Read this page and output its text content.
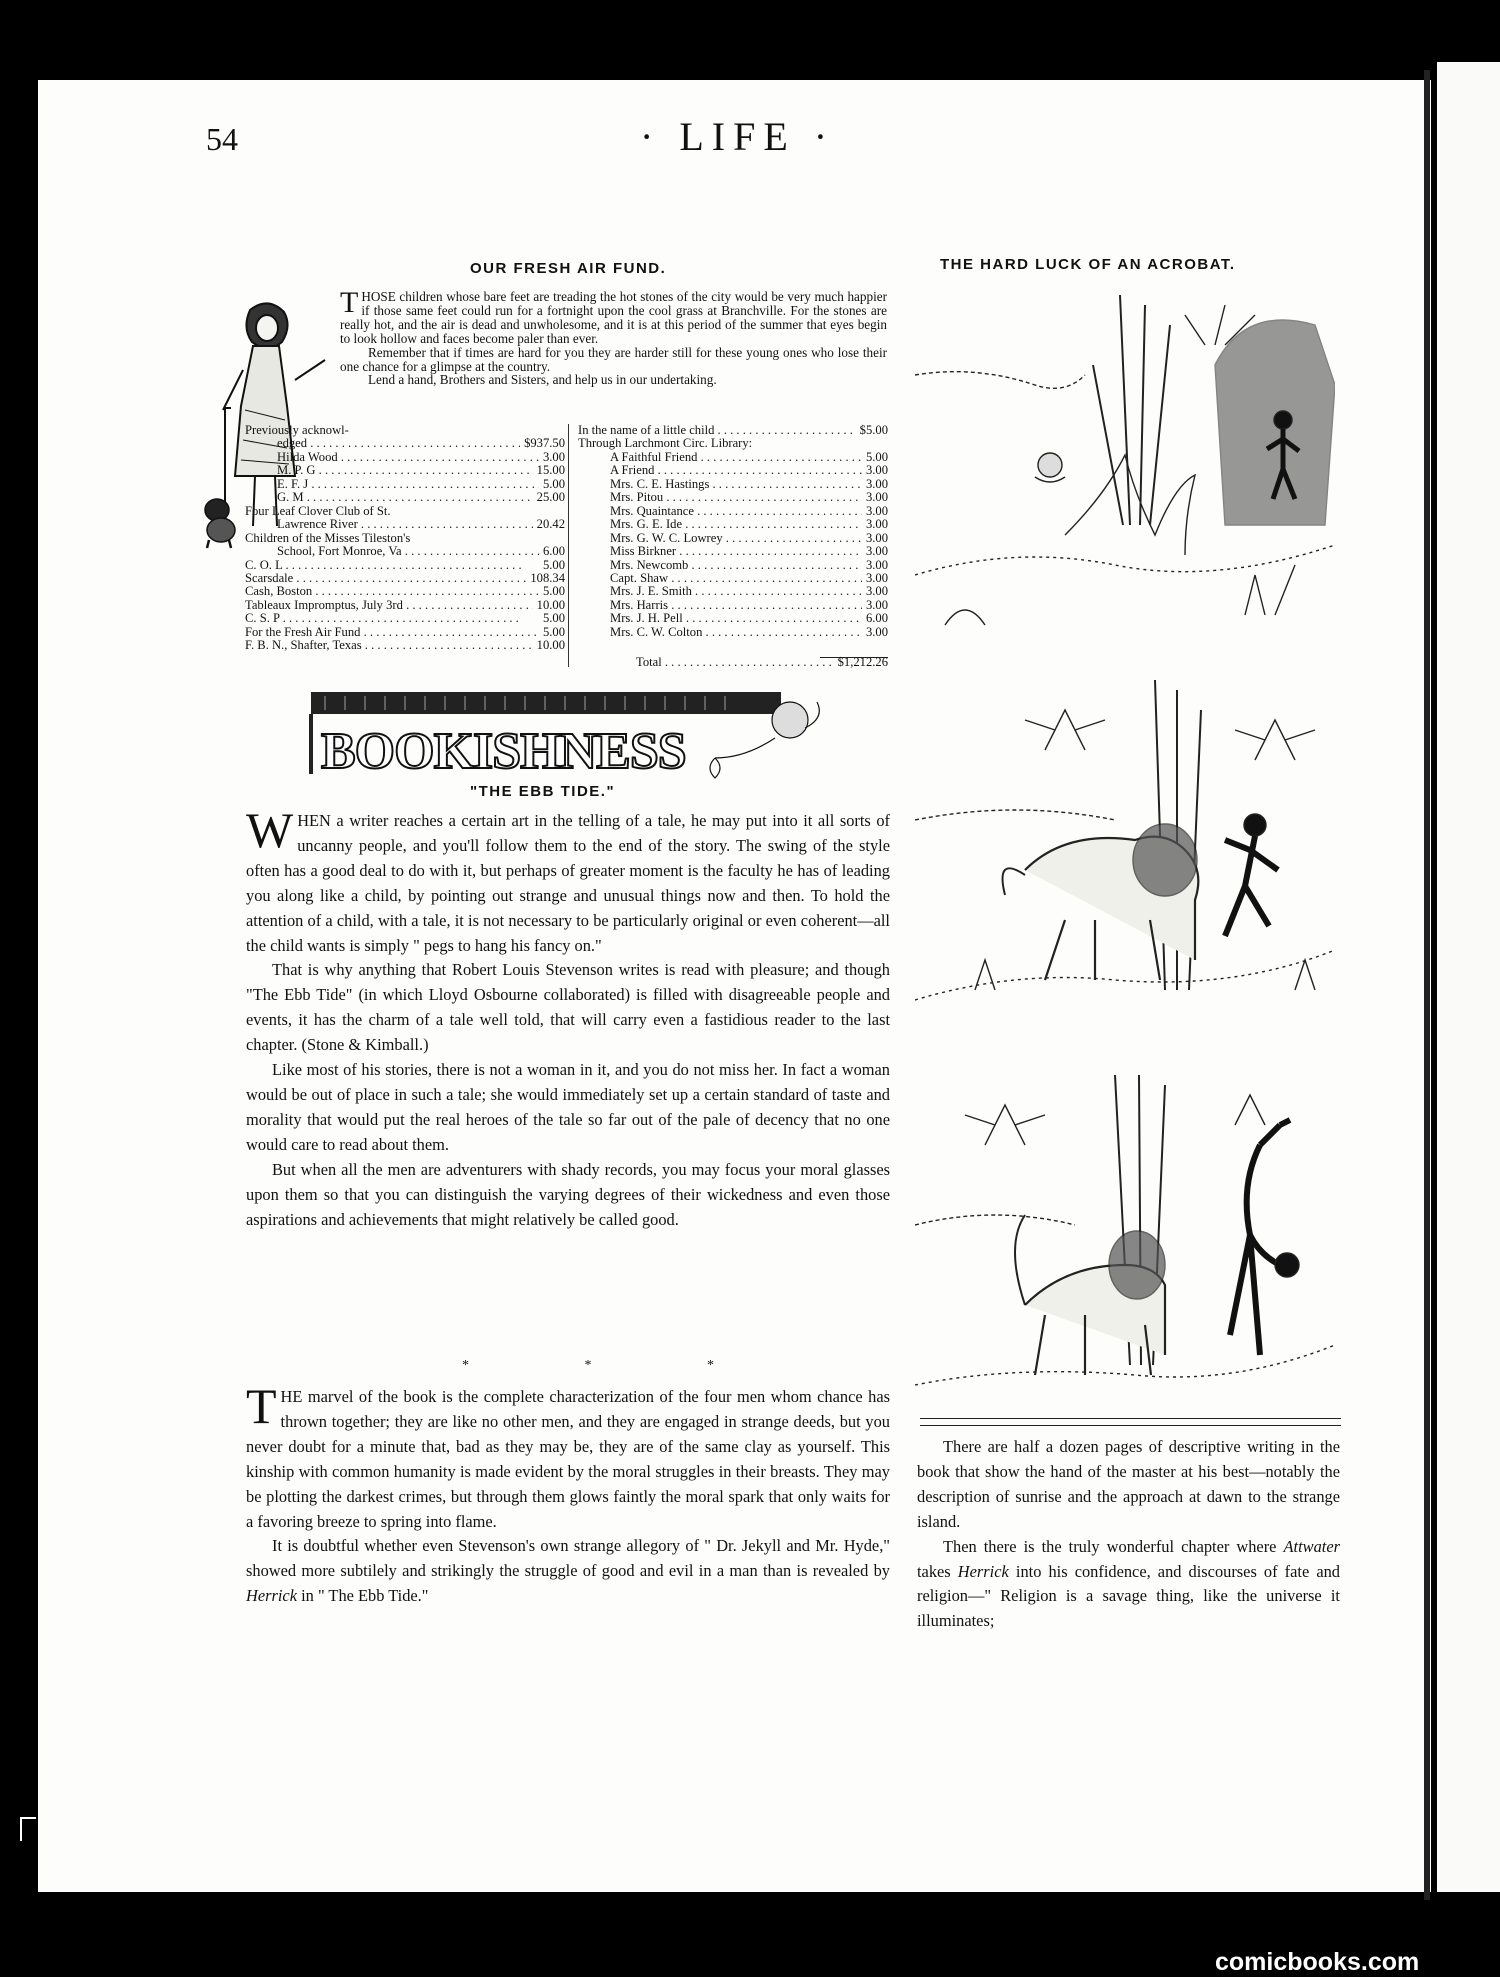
54	· LIFE ·
OUR FRESH AIR FUND.

THOSE children whose bare feet are treading the hot stones of the city would be very much happier if those same feet could run for a fortnight upon the cool grass at Branchville. For the stones are really hot, and the air is dead and unwholesome, and it is at this period of the summer that eyes begin to look hollow and faces become paler than ever.

Remember that if times are hard for you they are harder still for these young ones who lose their one chance for a glimpse at the country.

Lend a hand, Brothers and Sisters, and help us in our undertaking.

Previously acknowl-
edged . . .	$937.50
Hilda Wood . . .	3.00
M. P. G . . .	15.00
E. F. J . . .	5.00
G. M . . .	25.00
Four Leaf Clover Club of St.
Lawrence River . . .	20.42
Children of the Misses Tileston's
School, Fort Monroe, Va . . .	6.00
C. O. L . . .	5.00
Scarsdale . . .	108.34
Cash, Boston . . .	5.00
Tableaux Impromptus, July 3rd . . .	10.00
C. S. P . . .	5.00
For the Fresh Air Fund . . .	5.00
F. B. N., Shafter, Texas . . .	10.00
In the name of a little child . . .	$5.00
Through Larchmont Circ. Library:
A Faithful Friend . . .	5.00
A Friend . . .	3.00
Mrs. C. E. Hastings . . .	3.00
Mrs. Pitou . . .	3.00
Mrs. Quaintance . . .	3.00
Mrs. G. E. Ide . . .	3.00
Mrs. G. W. C. Lowrey . . .	3.00
Miss Birkner . . .	3.00
Mrs. Newcomb . . .	3.00
Capt. Shaw . . .	3.00
Mrs. J. E. Smith . . .	3.00
Mrs. Harris . . .	3.00
Mrs. J. H. Pell . . .	6.00
Mrs. C. W. Colton . . .	3.00
Total . . .	$1,212.26
THE HARD LUCK OF AN ACROBAT.
BOOKISHNESS
"THE EBB TIDE."

WHEN a writer reaches a certain art in the telling of a tale, he may put into it all sorts of uncanny people, and you'll follow them to the end of the story. The swing of the style often has a good deal to do with it, but perhaps of greater moment is the faculty he has of leading you along like a child, by pointing out strange and unusual things now and then. To hold the attention of a child, with a tale, it is not necessary to be particularly original or even coherent—all the child wants is simply " pegs to hang his fancy on."

That is why anything that Robert Louis Stevenson writes is read with pleasure; and though "The Ebb Tide" (in which Lloyd Osbourne collaborated) is filled with disagreeable people and events, it has the charm of a tale well told, that will carry even a fastidious reader to the last chapter. (Stone & Kimball.)

Like most of his stories, there is not a woman in it, and you do not miss her. In fact a woman would be out of place in such a tale; she would immediately set up a certain standard of taste and morality that would put the real heroes of the tale so far out of the pale of decency that no one would care to read about them.

But when all the men are adventurers with shady records, you may focus your moral glasses upon them so that you can distinguish the varying degrees of their wickedness and even those aspirations and achievements that might relatively be called good.

* * *

THE marvel of the book is the complete characterization of the four men whom chance has thrown together; they are like no other men, and they are engaged in strange deeds, but you never doubt for a minute that, bad as they may be, they are of the same clay as yourself. This kinship with common humanity is made evident by the moral struggles in their breasts. They may be plotting the darkest crimes, but through them glows faintly the moral spark that only waits for a favoring breeze to spring into flame.

It is doubtful whether even Stevenson's own strange allegory of " Dr. Jekyll and Mr. Hyde," showed more subtilely and strikingly the struggle of good and evil in a man than is revealed by Herrick in " The Ebb Tide."

There are half a dozen pages of descriptive writing in the book that show the hand of the master at his best—notably the description of sunrise and the approach at dawn to the strange island.

Then there is the truly wonderful chapter where Attwater takes Herrick into his confidence, and discourses of fate and religion—" Religion is a savage thing, like the universe it illuminates;

comicbooks.com
